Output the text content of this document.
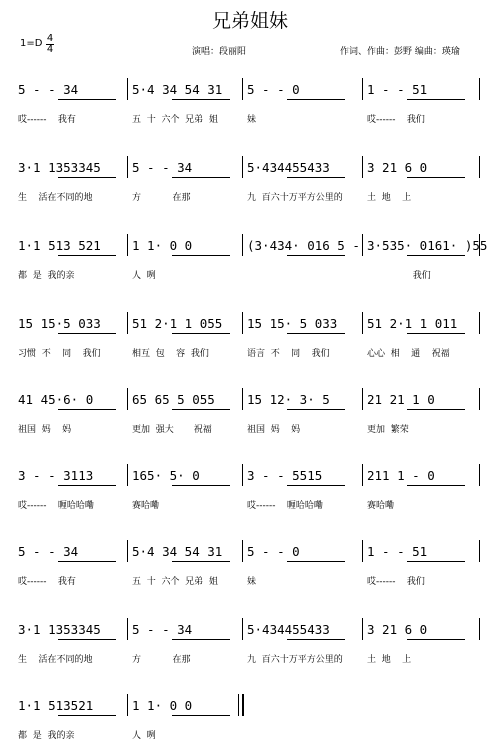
兄弟姐妹
1=D 4
4	演唱：段丽阳	作词、作曲：彭野 编曲：瑛瑜
5 - - 34
哎------    我有
5·4 34 54 31
五  十  六个  兄弟  姐
5 - - 0
妹
1 - - 51
哎------    我们
3·1 1353345
生    活在不同的地
5 - - 34
方           在那
5·434455433
九  百六十万平方公里的
3 21 6 0
土  地    上
1·1 513 521
都  是  我的亲
1 1· 0 0
人  咧
(3·434· 016 5 - 3·535· 0161· )55
我们
15 15·5 033
习惯  不    同    我们
51 2·1 1 055
相互  包    容  我们
15 15· 5 033
语言  不    同    我们
51 2·1 1 011
心心  相    通    祝福
41 45·6· 0
祖国  妈    妈
65 65 5 055
更加  强大       祝福
15 12· 3· 5
祖国  妈    妈
21 21 1 0
更加  繁荣
3 - - 3113
哎------    喱哈哈嘞
165· 5· 0
赛哈嘞
3 - - 5515
哎------    喱哈哈嘞
211 1 - 0
赛哈嘞
5 - - 34
哎------    我有
5·4 34 54 31
五  十  六个  兄弟  姐
5 - - 0
妹
1 - - 51
哎------    我们
3·1 1353345
生    活在不同的地
5 - - 34
方           在那
5·434455433
九  百六十万平方公里的
3 21 6 0
土  地    上
1·1 513521
都  是  我的亲
1 1· 0 0
人  咧
